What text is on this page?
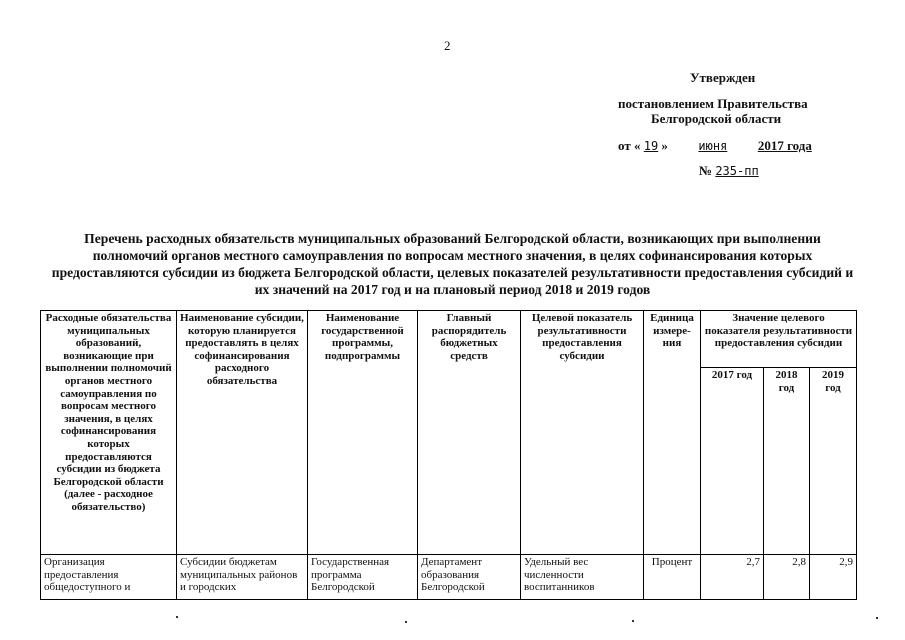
2
Утвержден
постановлением Правительства
Белгородской области
от « 19 »	июня 2017 года
№ 235-пп
Перечень расходных обязательств муниципальных образований Белгородской области, возникающих при выполнении полномочий органов местного самоуправления по вопросам местного значения, в целях софинансирования которых предоставляются субсидии из бюджета Белгородской области, целевых показателей результативности предоставления субсидий и их значений на 2017 год и на плановый период 2018 и 2019 годов
Расходные обязательства муниципальных образований, возникающие при выполнении полномочий органов местного самоуправления по вопросам местного значения, в целях софинансирования которых предоставляются субсидии из бюджета Белгородской области (далее - расходное обязательство)	Наименование субсидии, которую планируется предоставлять в целях софинансирования расходного обязательства	Наименование государственной программы, подпрограммы	Главный распорядитель бюджетных средств	Целевой показатель результативности предоставления субсидии	Единица измере-ния	Значение целевого показателя результативности предоставления субсидии		
						2017 год	2018 год	2019 год
Организация предоставления общедоступного и	Субсидии бюджетам муниципальных районов и городских	Государственная программа Белгородской	Департамент образования Белгородской	Удельный вес численности воспитанников	Процент	2,7	2,8	2,9
